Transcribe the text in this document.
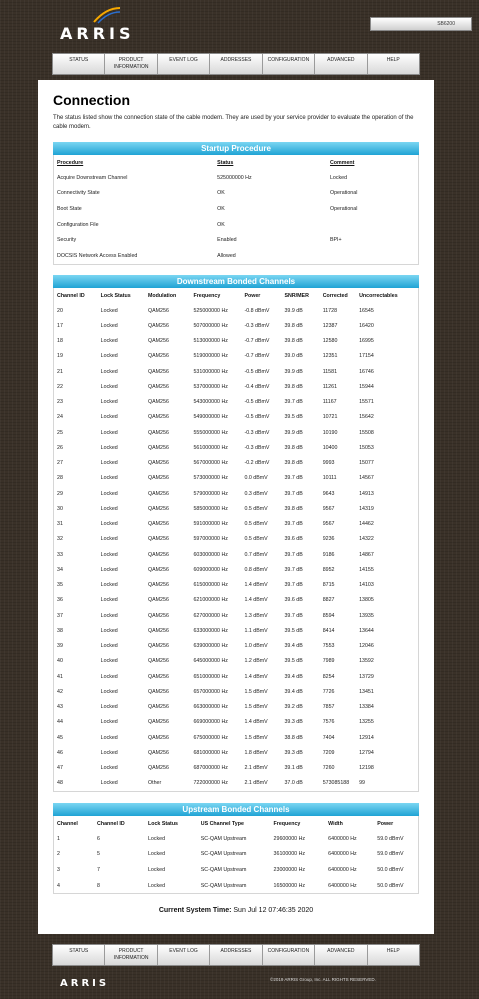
ARRIS	SB6200
STATUS	PRODUCT INFORMATION
EVENT LOG	ADDRESSES	CONFIGURATION	ADVANCED	HELP
Connection

The status listed show the connection state of the cable modem. They are used by your service provider to evaluate the operation of the cable modem.

Startup Procedure
Procedure	Status	Comment
Acquire Downstream Channel	525000000 Hz	Locked
Connectivity State	OK	Operational
Boot State	OK	Operational
Configuration File	OK	
Security	Enabled	BPI+
DOCSIS Network Access Enabled	Allowed	
Downstream Bonded Channels
Channel ID	Lock Status	Modulation	Frequency	Power	SNR/MER	Corrected	Uncorrectables
20	Locked	QAM256	525000000 Hz	-0.8 dBmV	39.9 dB	11728	16545
17	Locked	QAM256	507000000 Hz	-0.3 dBmV	39.8 dB	12387	16420
18	Locked	QAM256	513000000 Hz	-0.7 dBmV	39.8 dB	12580	16995
19	Locked	QAM256	519000000 Hz	-0.7 dBmV	39.0 dB	12351	17154
21	Locked	QAM256	531000000 Hz	-0.5 dBmV	39.9 dB	11581	16746
22	Locked	QAM256	537000000 Hz	-0.4 dBmV	39.8 dB	11261	15944
23	Locked	QAM256	543000000 Hz	-0.5 dBmV	39.7 dB	11167	15571
24	Locked	QAM256	549000000 Hz	-0.5 dBmV	39.5 dB	10721	15642
25	Locked	QAM256	555000000 Hz	-0.3 dBmV	39.9 dB	10190	15508
26	Locked	QAM256	561000000 Hz	-0.3 dBmV	39.8 dB	10400	15053
27	Locked	QAM256	567000000 Hz	-0.2 dBmV	39.8 dB	9993	15077
28	Locked	QAM256	573000000 Hz	0.0 dBmV	39.7 dB	10111	14567
29	Locked	QAM256	579000000 Hz	0.3 dBmV	39.7 dB	9643	14913
30	Locked	QAM256	585000000 Hz	0.5 dBmV	39.8 dB	9567	14319
31	Locked	QAM256	591000000 Hz	0.5 dBmV	39.7 dB	9567	14462
32	Locked	QAM256	597000000 Hz	0.5 dBmV	39.6 dB	9236	14322
33	Locked	QAM256	603000000 Hz	0.7 dBmV	39.7 dB	9186	14867
34	Locked	QAM256	609000000 Hz	0.8 dBmV	39.7 dB	8952	14155
35	Locked	QAM256	615000000 Hz	1.4 dBmV	39.7 dB	8715	14103
36	Locked	QAM256	621000000 Hz	1.4 dBmV	39.6 dB	8827	13805
37	Locked	QAM256	627000000 Hz	1.3 dBmV	39.7 dB	8594	13935
38	Locked	QAM256	633000000 Hz	1.1 dBmV	39.5 dB	8414	13644
39	Locked	QAM256	639000000 Hz	1.0 dBmV	39.4 dB	7553	12046
40	Locked	QAM256	645000000 Hz	1.2 dBmV	39.5 dB	7989	13592
41	Locked	QAM256	651000000 Hz	1.4 dBmV	39.4 dB	8254	13729
42	Locked	QAM256	657000000 Hz	1.5 dBmV	39.4 dB	7726	13451
43	Locked	QAM256	663000000 Hz	1.5 dBmV	39.2 dB	7857	13384
44	Locked	QAM256	669000000 Hz	1.4 dBmV	39.3 dB	7576	13255
45	Locked	QAM256	675000000 Hz	1.5 dBmV	38.8 dB	7404	12914
46	Locked	QAM256	681000000 Hz	1.8 dBmV	39.3 dB	7209	12794
47	Locked	QAM256	687000000 Hz	2.1 dBmV	39.1 dB	7260	12198
48	Locked	Other	722000000 Hz	2.1 dBmV	37.0 dB	573085188	99
Upstream Bonded Channels
Channel	Channel ID	Lock Status	US Channel Type	Frequency	Width	Power
1	6	Locked	SC-QAM Upstream	29600000 Hz	6400000 Hz	59.0 dBmV
2	5	Locked	SC-QAM Upstream	36100000 Hz	6400000 Hz	59.0 dBmV
3	7	Locked	SC-QAM Upstream	23000000 Hz	6400000 Hz	50.0 dBmV
4	8	Locked	SC-QAM Upstream	16500000 Hz	6400000 Hz	50.0 dBmV
Current System Time: Sun Jul 12 07:46:35 2020
STATUS	PRODUCT INFORMATION
EVENT LOG	ADDRESSES	CONFIGURATION	ADVANCED	HELP
ARRIS	©2019 ARRIS Group, Inc. ALL RIGHTS RESERVED.
